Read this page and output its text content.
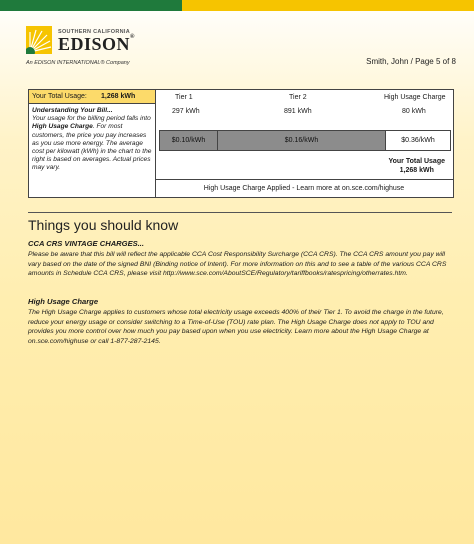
SOUTHERN CALIFORNIA
EDISON®
An EDISON INTERNATIONAL® Company	Smith, John / Page 5 of 8
Your Total Usage: 1,268 kWh
Understanding Your Bill...
Your usage for the billing period falls into High Usage Charge. For most customers, the price you pay increases as you use more energy. The average cost per kilowatt (kWh) in the chart to the right is based on averages. Actual prices may vary.
Tier 1	Tier 2	High Usage Charge
297 kWh	891 kWh	80 kWh
$0.10/kWh	$0.16/kWh	$0.36/kWh
Your Total Usage
1,268 kWh
High Usage Charge Applied - Learn more at on.sce.com/highuse
Things you should know
CCA CRS VINTAGE CHARGES...
Please be aware that this bill will reflect the applicable CCA Cost Responsibility Surcharge (CCA CRS). The CCA CRS amount you pay will vary based on the date of the signed BNI (Binding notice of Intent). For more information on this and to see a table of the various CCA CRS amounts in Schedule CCA CRS, please visit http://www.sce.com/AboutSCE/Regulatory/tariffbooks/ratespricing/otherrates.htm.
High Usage Charge
The High Usage Charge applies to customers whose total electricity usage exceeds 400% of their Tier 1. To avoid the charge in the future, reduce your energy usage or consider switching to a Time-of-Use (TOU) rate plan. The High Usage Charge does not apply to TOU and provides you more control over how much you pay based upon when you use electricity. Learn more about the High Usage Charge at on.sce.com/highuse or call 1-877-287-2145.
